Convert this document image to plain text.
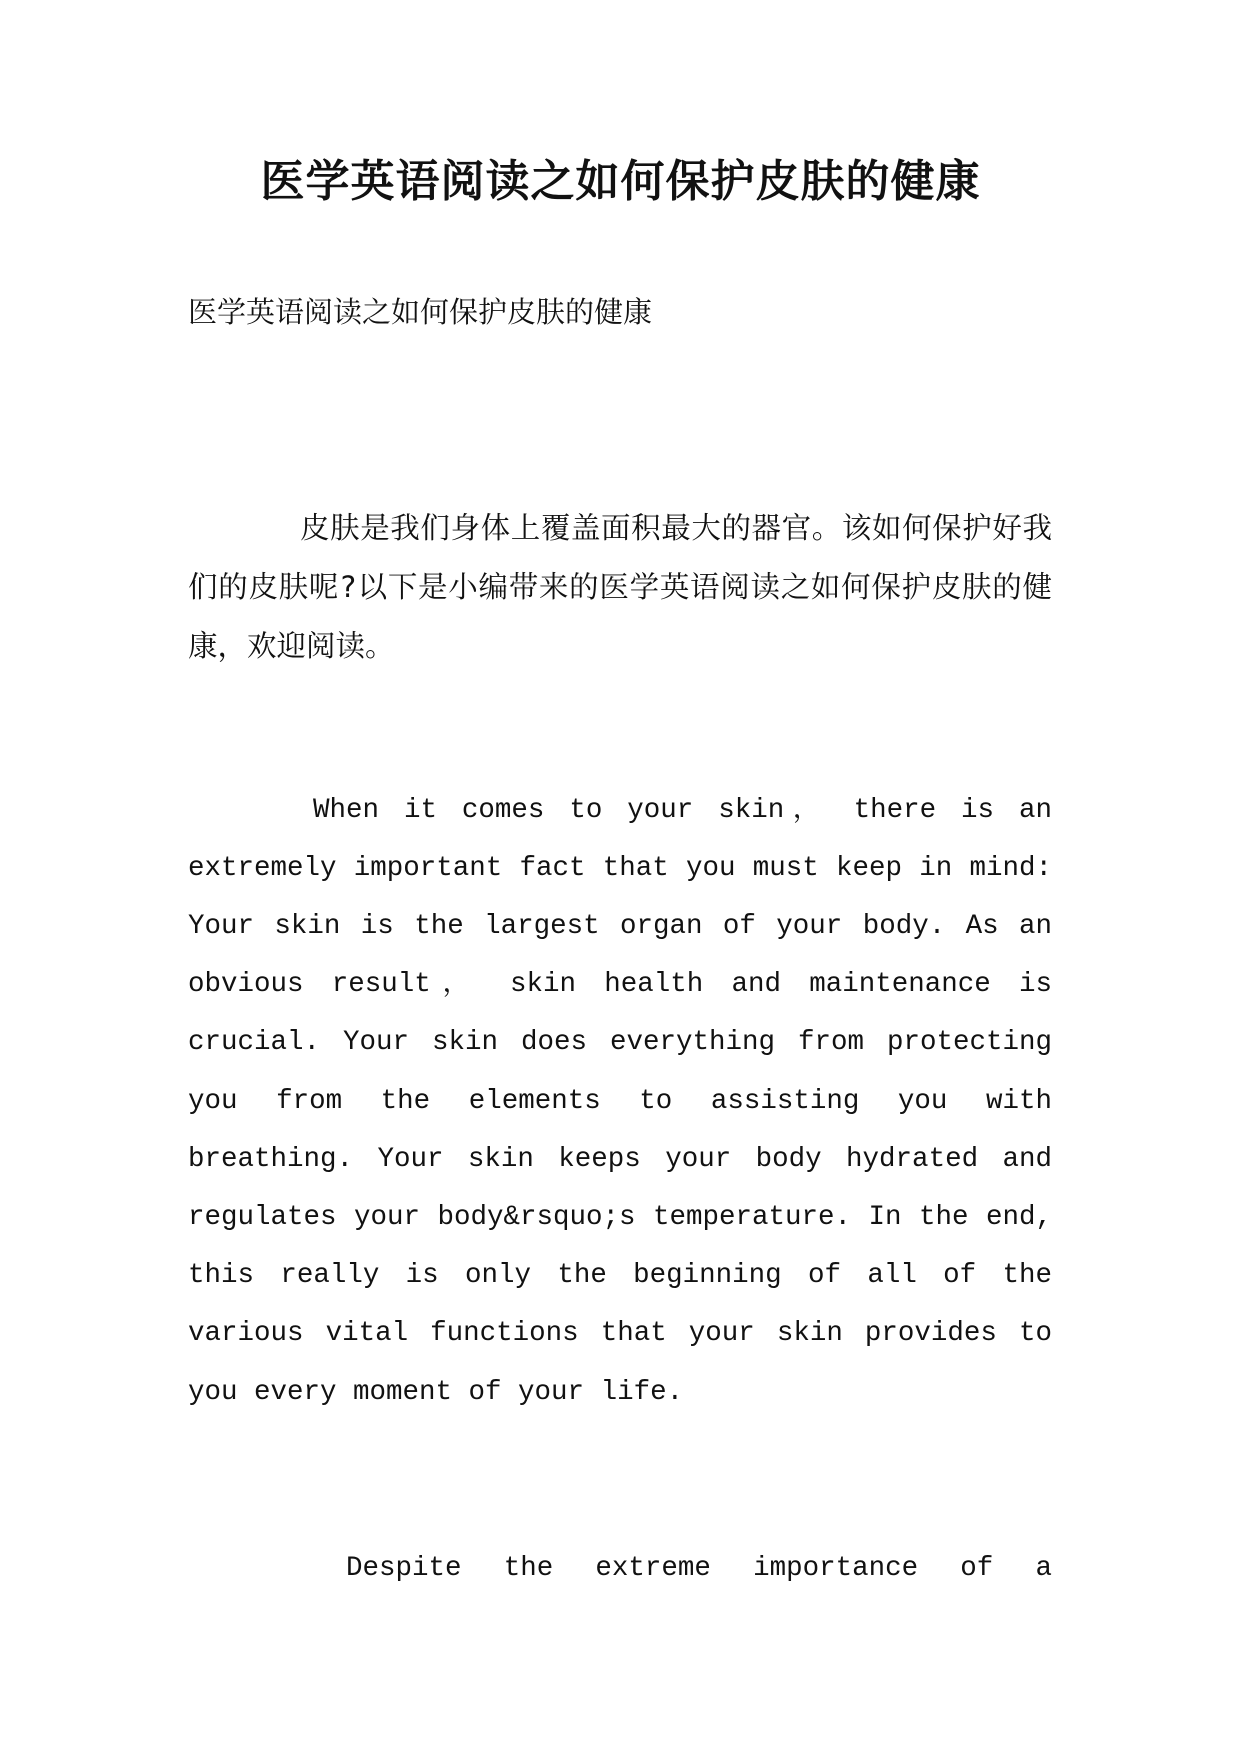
医学英语阅读之如何保护皮肤的健康
医学英语阅读之如何保护皮肤的健康

皮肤是我们身体上覆盖面积最大的器官。该如何保护好我们的皮肤呢?以下是小编带来的医学英语阅读之如何保护皮肤的健康，欢迎阅读。

When it comes to your skin， there is an extremely important fact that you must keep in mind: Your skin is the largest organ of your body. As an obvious result， skin health and maintenance is crucial. Your skin does everything from protecting you from the elements to assisting you with breathing. Your skin keeps your body hydrated and regulates your body&rsquo;s temperature. In the end, this really is only the beginning of all of the various vital functions that your skin provides to you every moment of your life.

Despite the extreme importance of a
